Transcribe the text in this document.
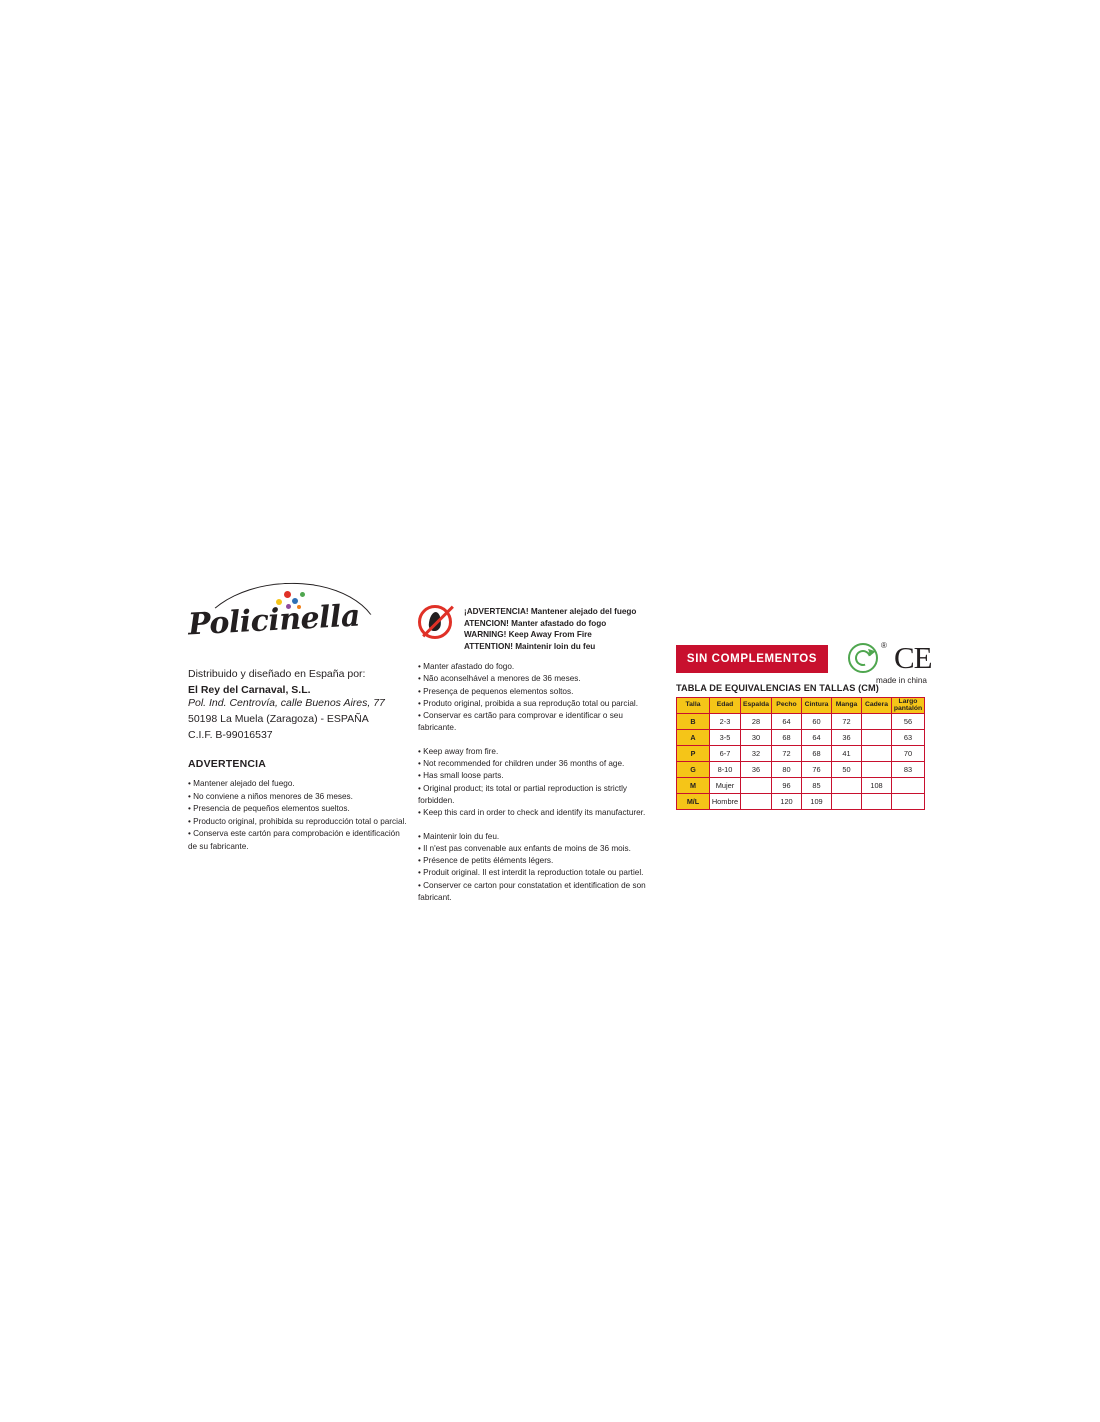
Policinella
Distribuido y diseñado en España por:
El Rey del Carnaval, S.L.
Pol. Ind. Centrovía, calle Buenos Aires, 77
50198 La Muela (Zaragoza) - ESPAÑA
C.I.F. B-99016537
ADVERTENCIA
• Mantener alejado del fuego.
• No conviene a niños menores de 36 meses.
• Presencia de pequeños elementos sueltos.
• Producto original, prohibida su reproducción total o parcial.
• Conserva este cartón para comprobación e identificación
de su fabricante.
¡ADVERTENCIA! Mantener alejado del fuego
ATENCION! Manter afastado do fogo
WARNING! Keep Away From Fire
ATTENTION! Maintenir loin du feu
• Manter afastado do fogo.
• Não aconselhável a menores de 36 meses.
• Presença de pequenos elementos soltos.
• Produto original, proibida a sua reprodução total ou parcial.
• Conservar es cartão para comprovar e identificar o seu fabricante.
• Keep away from fire.
• Not recommended for children under 36 months of age.
• Has small loose parts.
• Original product; its total or partial reproduction is strictly forbidden.
• Keep this card in order to check and identify its manufacturer.
• Maintenir loin du feu.
• Il n'est pas convenable aux enfants de moins de 36 mois.
• Présence de petits éléments légers.
• Produit original. Il est interdit la reproduction totale ou partiel.
• Conserver ce carton pour constatation et identification de son
fabricant.
SIN COMPLEMENTOS
® CE
made in china
TABLA DE EQUIVALENCIAS EN TALLAS (CM)
Talla	Edad	Espalda	Pecho	Cintura	Manga	Cadera	Largo
pantalón

B	2-3	28	64	60	72		56
A	3-5	30	68	64	36		63
P	6-7	32	72	68	41		70
G	8-10	36	80	76	50		83
M	Mujer		96	85		108	
M/L	Hombre		120	109			
